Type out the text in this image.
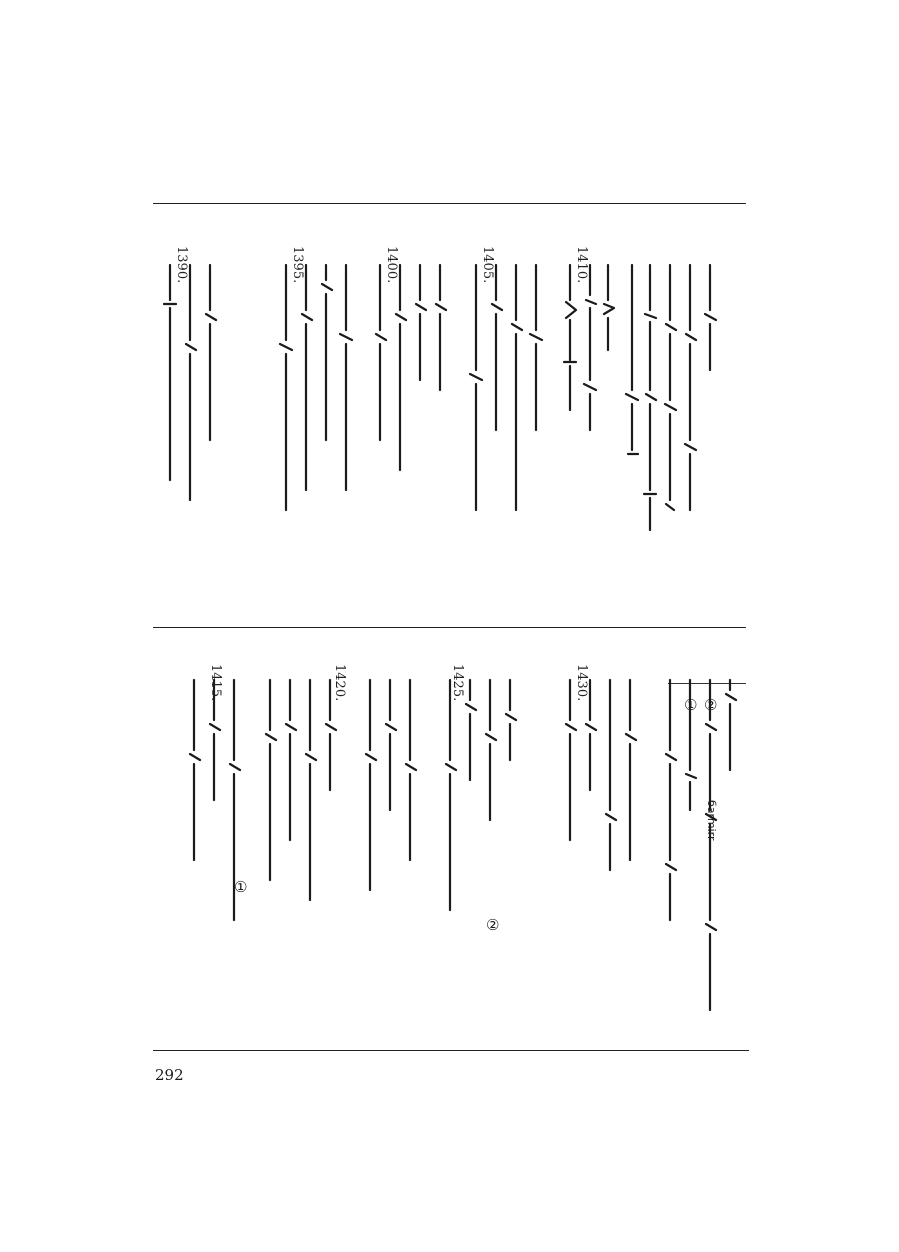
1410.
1405.
1400.
1395.
1390.
1430.
1425.
1420.
1415.
① ②
баrmirr
①
②
292
